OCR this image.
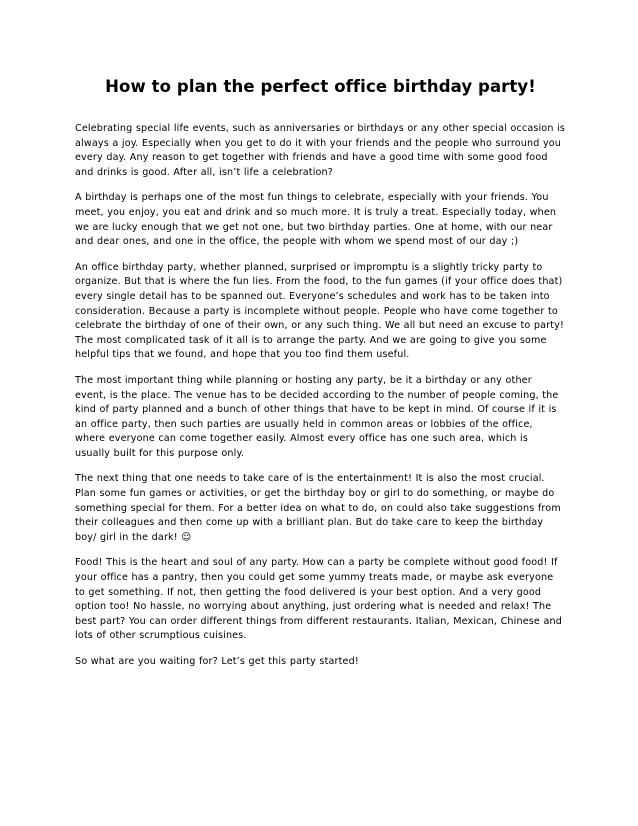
How to plan the perfect office birthday party!

Celebrating special life events, such as anniversaries or birthdays or any other special occasion is always a joy. Especially when you get to do it with your friends and the people who surround you every day. Any reason to get together with friends and have a good time with some good food and drinks is good. After all, isn’t life a celebration?

A birthday is perhaps one of the most fun things to celebrate, especially with your friends. You meet, you enjoy, you eat and drink and so much more. It is truly a treat. Especially today, when we are lucky enough that we get not one, but two birthday parties. One at home, with our near and dear ones, and one in the office, the people with whom we spend most of our day ;)

An office birthday party, whether planned, surprised or impromptu is a slightly tricky party to organize. But that is where the fun lies. From the food, to the fun games (if your office does that) every single detail has to be spanned out. Everyone’s schedules and work has to be taken into consideration. Because a party is incomplete without people. People who have come together to celebrate the birthday of one of their own, or any such thing. We all but need an excuse to party! The most complicated task of it all is to arrange the party. And we are going to give you some helpful tips that we found, and hope that you too find them useful.

The most important thing while planning or hosting any party, be it a birthday or any other event, is the place. The venue has to be decided according to the number of people coming, the kind of party planned and a bunch of other things that have to be kept in mind. Of course if it is an office party, then such parties are usually held in common areas or lobbies of the office, where everyone can come together easily. Almost every office has one such area, which is usually built for this purpose only.

The next thing that one needs to take care of is the entertainment! It is also the most crucial. Plan some fun games or activities, or get the birthday boy or girl to do something, or maybe do something special for them. For a better idea on what to do, on could also take suggestions from their colleagues and then come up with a brilliant plan. But do take care to keep the birthday boy/ girl in the dark! ☺

Food! This is the heart and soul of any party. How can a party be complete without good food! If your office has a pantry, then you could get some yummy treats made, or maybe ask everyone to get something. If not, then getting the food delivered is your best option. And a very good option too! No hassle, no worrying about anything, just ordering what is needed and relax! The best part? You can order different things from different restaurants. Italian, Mexican, Chinese and lots of other scrumptious cuisines.

So what are you waiting for? Let’s get this party started!
